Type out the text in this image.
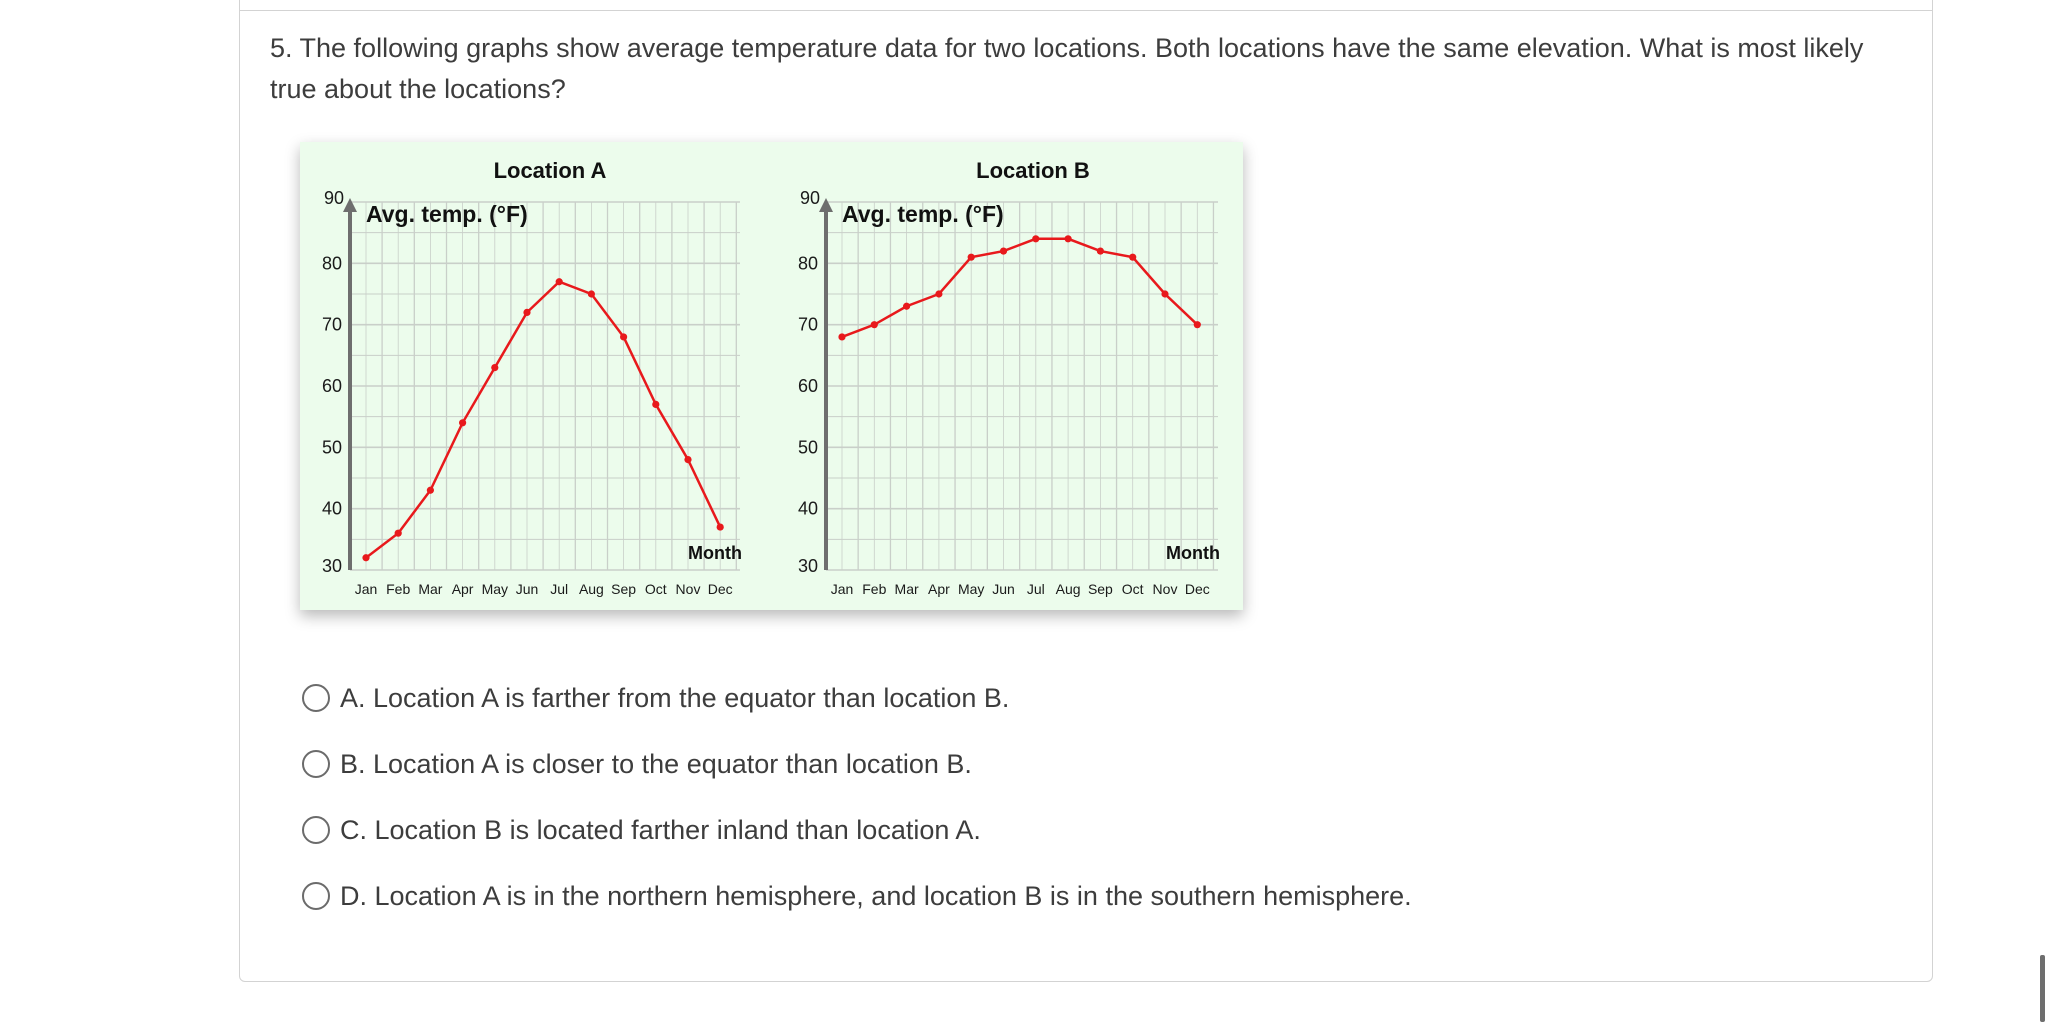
5. The following graphs show average temperature data for two locations. Both locations have the same elevation. What is most likely true about the locations?
30
40
50
60
70
80
90
Location A
Avg. temp. (°F)
Month
Jan Feb Mar Apr May Jun Jul Aug Sep Oct Nov Dec
30
40
50
60
70
80
90
Location B
Avg. temp. (°F)
Month
Jan Feb Mar Apr May Jun Jul Aug Sep Oct Nov Dec
A. Location A is farther from the equator than location B.
B. Location A is closer to the equator than location B.
C. Location B is located farther inland than location A.
D. Location A is in the northern hemisphere, and location B is in the southern hemisphere.
